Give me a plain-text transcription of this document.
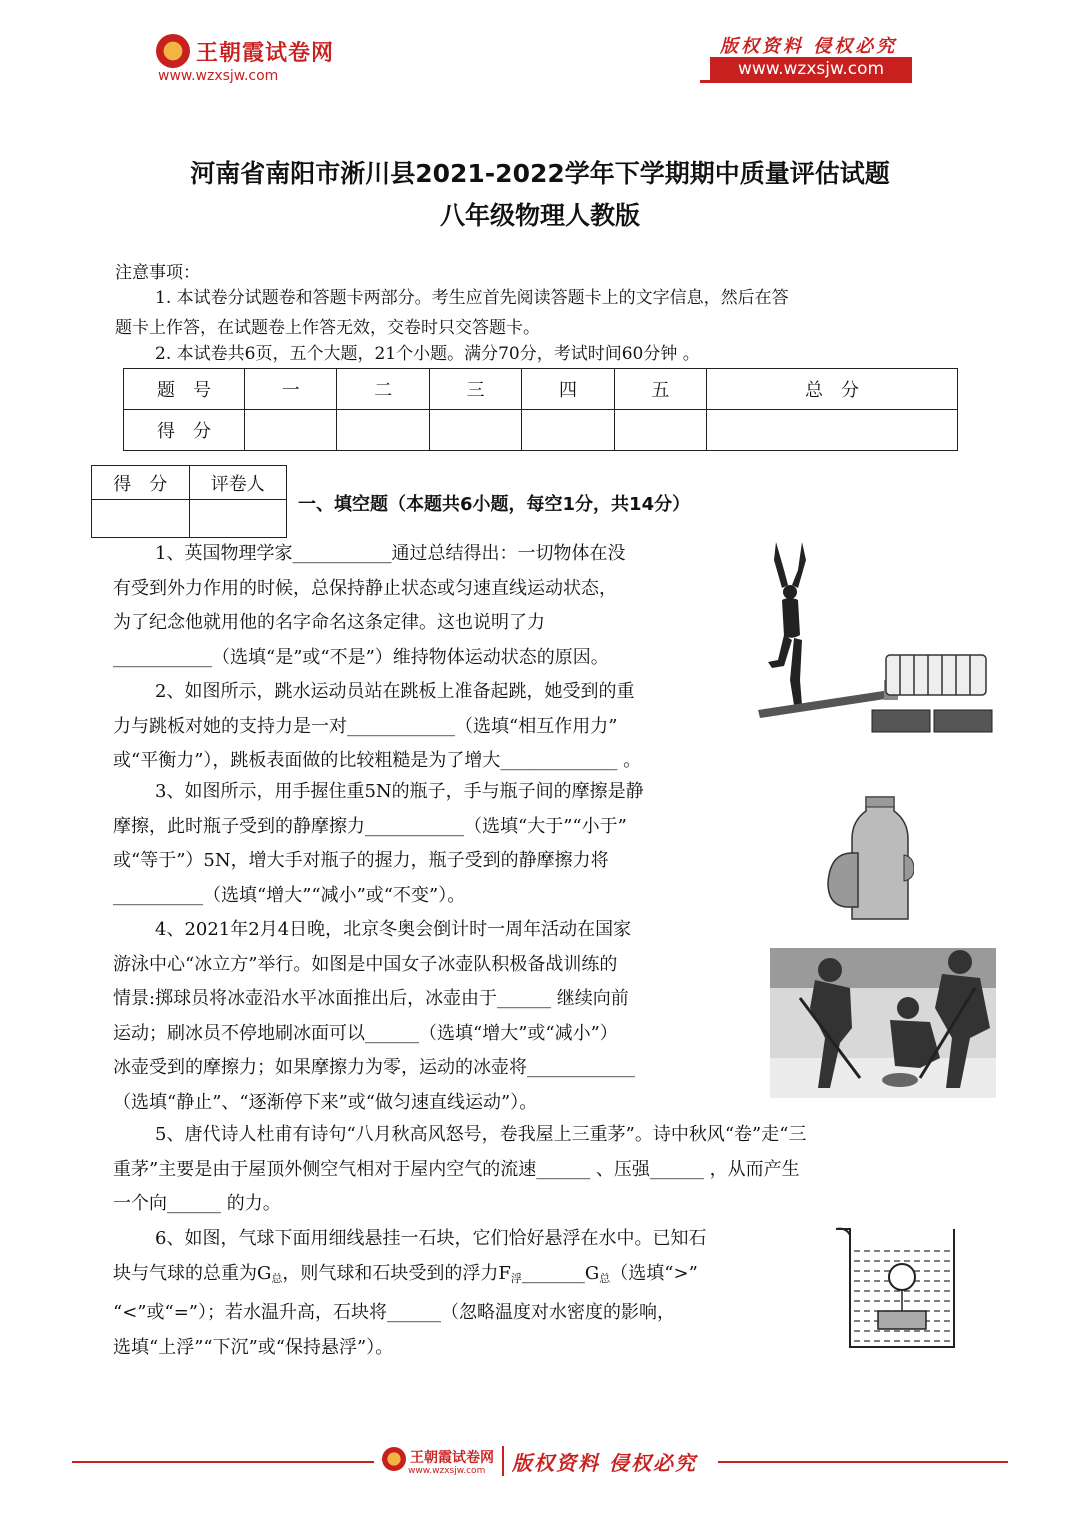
王朝霞试卷网
www.wzxsjw.com
版权资料 侵权必究
www.wzxsjw.com
河南省南阳市淅川县2021-2022学年下学期期中质量评估试题
八年级物理人教版
注意事项：
1. 本试卷分试题卷和答题卡两部分。考生应首先阅读答题卡上的文字信息，然后在答
题卡上作答，在试题卷上作答无效，交卷时只交答题卡。
2. 本试卷共6页，五个大题，21个小题。满分70分，考试时间60分钟 。
题　号	一	二	三	四	五	总　分
得　分						
得　分	评卷人

一、填空题（本题共6小题，每空1分，共14分）
1、英国物理学家___________通过总结得出：一切物体在没
有受到外力作用的时候，总保持静止状态或匀速直线运动状态，
为了纪念他就用他的名字命名这条定律。这也说明了力
___________（选填“是”或“不是”）维持物体运动状态的原因。
2、如图所示，跳水运动员站在跳板上准备起跳，她受到的重
力与跳板对她的支持力是一对____________（选填“相互作用力”
或“平衡力”），跳板表面做的比较粗糙是为了增大_____________ 。
3、如图所示，用手握住重5N的瓶子，手与瓶子间的摩擦是静
摩擦，此时瓶子受到的静摩擦力___________（选填“大于”“小于”
或“等于”）5N，增大手对瓶子的握力，瓶子受到的静摩擦力将
__________（选填“增大”“减小”或“不变”）。
4、2021年2月4日晚，北京冬奥会倒计时一周年活动在国家
游泳中心“冰立方”举行。如图是中国女子冰壶队积极备战训练的
情景:掷球员将冰壶沿水平冰面推出后，冰壶由于______ 继续向前
运动；刷冰员不停地刷冰面可以______（选填“增大”或“减小”）
冰壶受到的摩擦力；如果摩擦力为零，运动的冰壶将____________
（选填“静止”、“逐渐停下来”或“做匀速直线运动”）。
5、唐代诗人杜甫有诗句“八月秋高风怒号，卷我屋上三重茅”。诗中秋风“卷”走“三
重茅”主要是由于屋顶外侧空气相对于屋内空气的流速______ 、压强______ ，从而产生
一个向______ 的力。
6、如图，气球下面用细线悬挂一石块，它们恰好悬浮在水中。已知石
块与气球的总重为$G_总$，则气球和石块受到的浮力$F_浮\_\_\_\_\_\_\_G_总$（选填“>”
“<”或“=”）；若水温升高，石块将______（忽略温度对水密度的影响，
选填“上浮”“下沉”或“保持悬浮”）。
王朝霞试卷网
www.wzxsjw.com 版权资料 侵权必究
